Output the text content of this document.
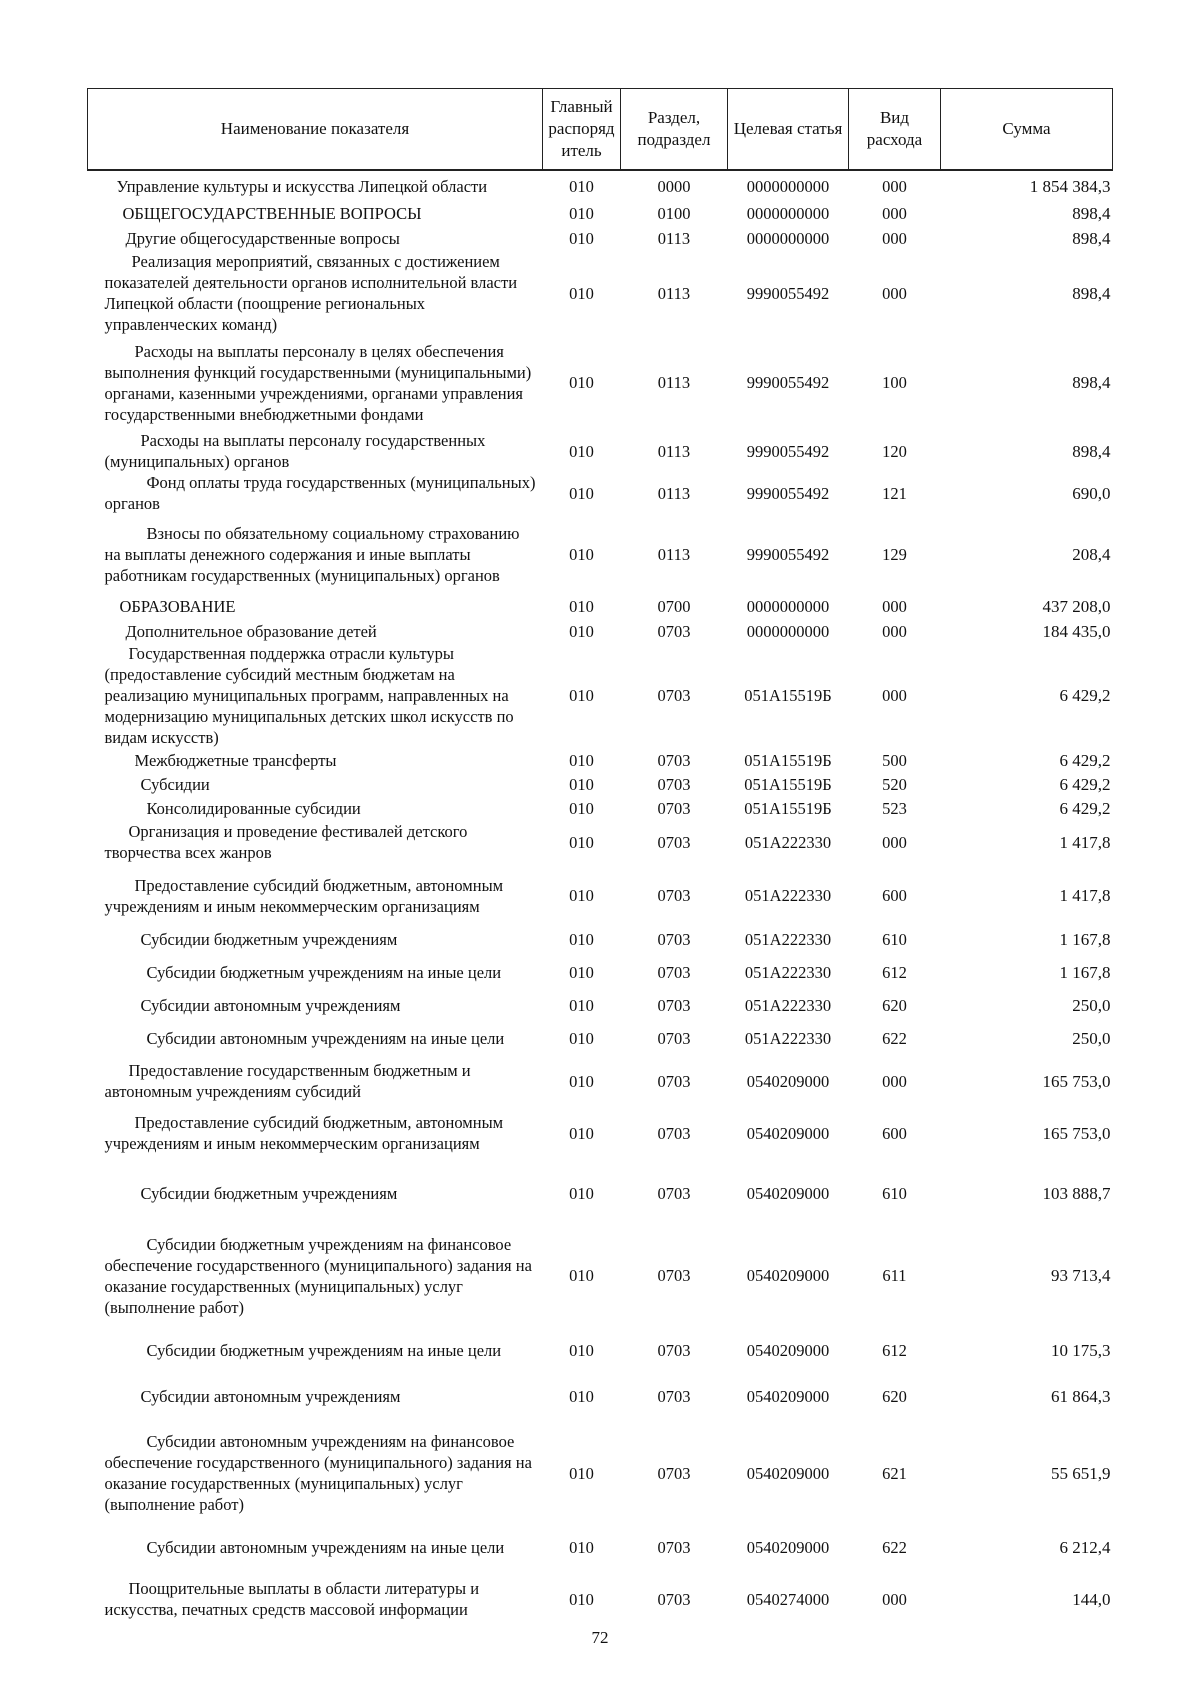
Наименование показателя	Главный распоряд итель	Раздел, подраздел	Целевая статья	Вид расхода	Сумма
Управление культуры и искусства Липецкой области	010	0000	0000000000	000	1 854 384,3
ОБЩЕГОСУДАРСТВЕННЫЕ ВОПРОСЫ	010	0100	0000000000	000	898,4
Другие общегосударственные вопросы	010	0113	0000000000	000	898,4
Реализация мероприятий, связанных с достижением показателей деятельности органов исполнительной власти Липецкой области (поощрение региональных управленческих команд)	010	0113	9990055492	000	898,4
Расходы на выплаты персоналу в целях обеспечения выполнения функций государственными (муниципальными) органами, казенными учреждениями, органами управления государственными внебюджетными фондами	010	0113	9990055492	100	898,4
Расходы на выплаты персоналу государственных (муниципальных) органов	010	0113	9990055492	120	898,4
Фонд оплаты труда государственных (муниципальных) органов	010	0113	9990055492	121	690,0
Взносы по обязательному социальному страхованию на выплаты денежного содержания и иные выплаты работникам государственных (муниципальных) органов	010	0113	9990055492	129	208,4
ОБРАЗОВАНИЕ	010	0700	0000000000	000	437 208,0
Дополнительное образование детей	010	0703	0000000000	000	184 435,0
Государственная поддержка отрасли культуры (предоставление субсидий местным бюджетам на реализацию муниципальных программ, направленных на модернизацию муниципальных детских школ искусств по видам искусств)	010	0703	051А15519Б	000	6 429,2
Межбюджетные трансферты	010	0703	051А15519Б	500	6 429,2
Субсидии	010	0703	051А15519Б	520	6 429,2
Консолидированные субсидии	010	0703	051А15519Б	523	6 429,2
Организация и проведение фестивалей детского творчества всех жанров	010	0703	051А222330	000	1 417,8
Предоставление субсидий бюджетным, автономным учреждениям и иным некоммерческим организациям	010	0703	051А222330	600	1 417,8
Субсидии бюджетным учреждениям	010	0703	051А222330	610	1 167,8
Субсидии бюджетным учреждениям на иные цели	010	0703	051А222330	612	1 167,8
Субсидии автономным учреждениям	010	0703	051А222330	620	250,0
Субсидии автономным учреждениям на иные цели	010	0703	051А222330	622	250,0
Предоставление государственным бюджетным и автономным учреждениям субсидий	010	0703	0540209000	000	165 753,0
Предоставление субсидий бюджетным, автономным учреждениям и иным некоммерческим организациям	010	0703	0540209000	600	165 753,0
Субсидии бюджетным учреждениям	010	0703	0540209000	610	103 888,7
Субсидии бюджетным учреждениям на финансовое обеспечение государственного (муниципального) задания на оказание государственных (муниципальных) услуг (выполнение работ)	010	0703	0540209000	611	93 713,4
Субсидии бюджетным учреждениям на иные цели	010	0703	0540209000	612	10 175,3
Субсидии автономным учреждениям	010	0703	0540209000	620	61 864,3
Субсидии автономным учреждениям на финансовое обеспечение государственного (муниципального) задания на оказание государственных (муниципальных) услуг (выполнение работ)	010	0703	0540209000	621	55 651,9
Субсидии автономным учреждениям на иные цели	010	0703	0540209000	622	6 212,4
Поощрительные выплаты в области литературы и искусства, печатных средств массовой информации	010	0703	0540274000	000	144,0
72
